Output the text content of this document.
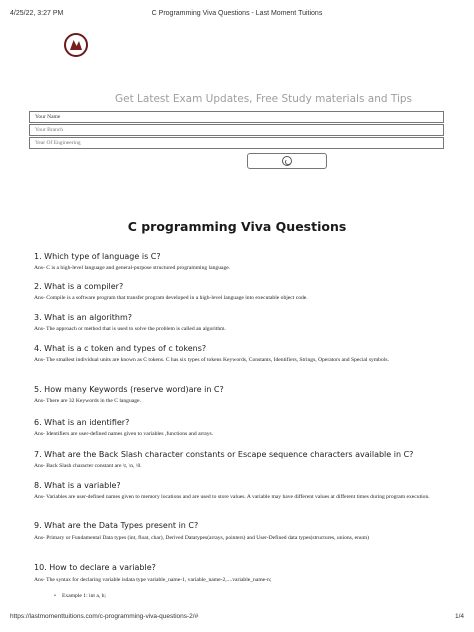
4/25/22, 3:27 PM	C Programming Viva Questions - Last Moment Tuitions
Get Latest Exam Updates, Free Study materials and Tips
Your Name
Your Branch
Year Of Engineering
C programming Viva Questions
1. Which type of language is C?
Ans- C is a high-level language and general-purpose structured programming language.
2. What is a compiler?
Ans- Compile is a software program that transfer program developed in a high-level language into executable object code.
3. What is an algorithm?
Ans- The approach or method that is used to solve the problem is called an algorithm.
4. What is a c token and types of c tokens?
Ans- The smallest individual units are known as C tokens. C has six types of tokens Keywords, Constants, Identifiers, Strings, Operators and Special symbols.
5. How many Keywords (reserve word)are in C?
Ans- There are 32 Keywords in the C language.
6. What is an identifier?
Ans- Identifiers are user-defined names given to variables ,functions and arrays.
7. What are the Back Slash character constants or Escape sequence characters available in C?
Ans- Back Slash character constant are \t, \n, \0.
8. What is a variable?
Ans- Variables are user-defined names given to memory locations and are used to store values. A variable may have different values at different times during program execution.
9. What are the Data Types present in C?
Ans- Primary or Fundamental Data types (int, float, char), Derived Datatypes(arrays, pointers) and User-Defined data types(structures, unions, enum)
10. How to declare a variable?
Ans- The syntax for declaring variable isdata type variable_name-1, variable_name-2,....variable_name-n;
• Example 1: int a, b;
https://lastmomenttuitions.com/c-programming-viva-questions-2/#	1/4
